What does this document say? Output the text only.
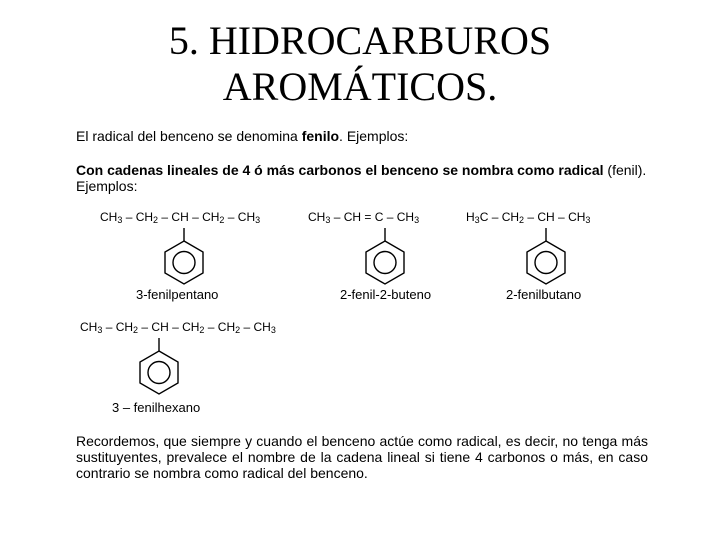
5. HIDROCARBUROS
AROMÁTICOS.
El radical del benceno se denomina fenilo. Ejemplos:
Con cadenas lineales de 4 ó más carbonos el benceno se nombra como radical (fenil). Ejemplos:
$CH_3 - CH_2$ – CH – $CH_2 - CH_3$
3-fenilpentano
$CH_3$ – CH = C – $CH_3$
2-fenil-2-buteno
$H_3C - CH_2$ – CH – $CH_3$
2-fenilbutano
$CH_3 - CH_2$ – CH – $CH_2 - CH_2 - CH_3$
3 – fenilhexano
Recordemos, que siempre y cuando el benceno actúe como radical, es decir, no tenga más sustituyentes, prevalece el nombre de la cadena lineal si tiene 4 carbonos o más, en caso contrario se nombra como radical del benceno.
